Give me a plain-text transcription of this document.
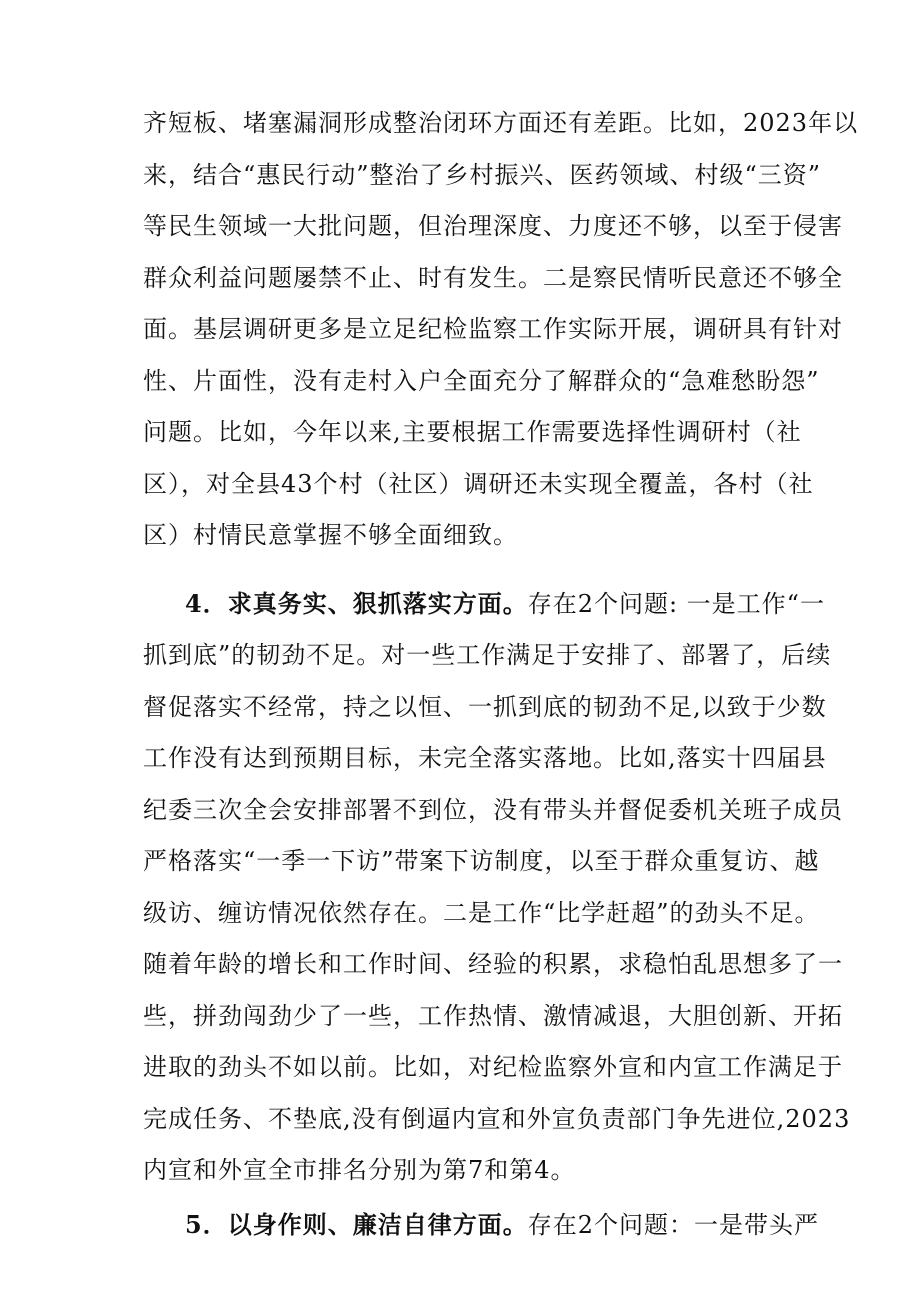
齐短板、堵塞漏洞形成整治闭环方面还有差距。比如，2023年以
来，结合“惠民行动”整治了乡村振兴、医药领域、村级“三资”
等民生领域一大批问题，但治理深度、力度还不够，以至于侵害
群众利益问题屡禁不止、时有发生。二是察民情听民意还不够全
面。基层调研更多是立足纪检监察工作实际开展，调研具有针对
性、片面性，没有走村入户全面充分了解群众的“急难愁盼怨”
问题。比如，今年以来,主要根据工作需要选择性调研村（社
区），对全县43个村（社区）调研还未实现全覆盖，各村（社
区）村情民意掌握不够全面细致。
4．求真务实、狠抓落实方面。存在2个问题: 一是工作“一
抓到底”的韧劲不足。对一些工作满足于安排了、部署了，后续
督促落实不经常，持之以恒、一抓到底的韧劲不足,以致于少数
工作没有达到预期目标，未完全落实落地。比如,落实十四届县
纪委三次全会安排部署不到位，没有带头并督促委机关班子成员
严格落实“一季一下访”带案下访制度，以至于群众重复访、越
级访、缠访情况依然存在。二是工作“比学赶超”的劲头不足。
随着年龄的增长和工作时间、经验的积累，求稳怕乱思想多了一
些，拼劲闯劲少了一些，工作热情、激情减退，大胆创新、开拓
进取的劲头不如以前。比如，对纪检监察外宣和内宣工作满足于
完成任务、不垫底,没有倒逼内宣和外宣负责部门争先进位,2023
内宣和外宣全市排名分别为第7和第4。
5．以身作则、廉洁自律方面。存在2个问题：一是带头严
